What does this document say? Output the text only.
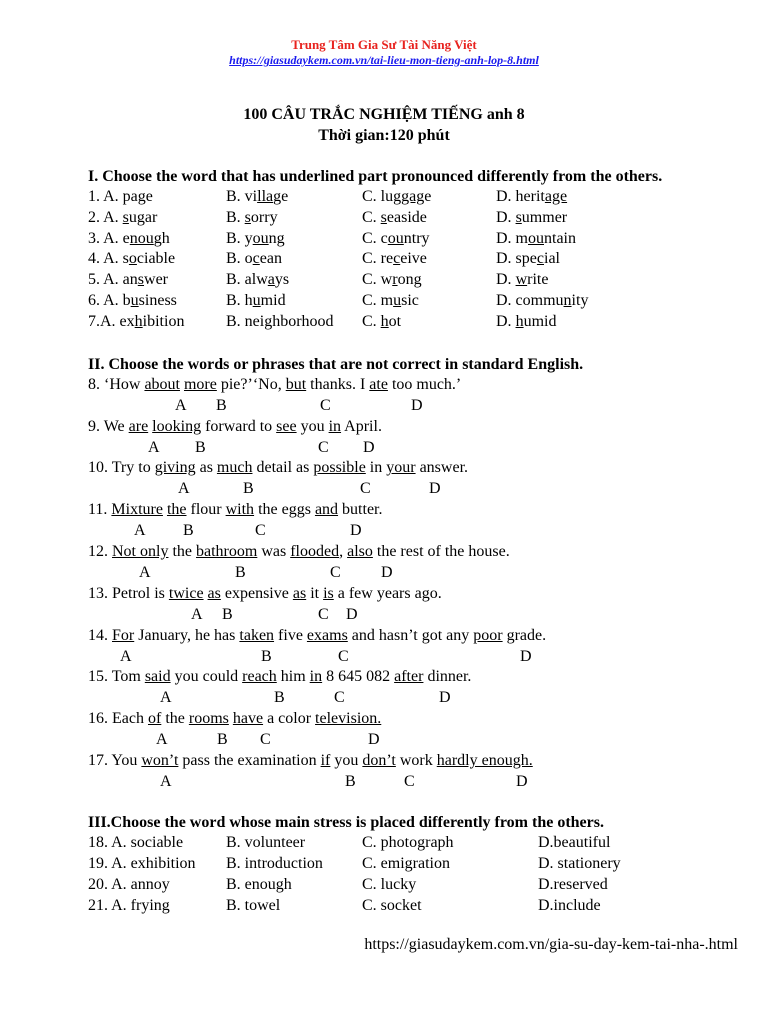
Trung Tâm Gia Sư Tài Năng Việt
https://giasudaykem.com.vn/tai-lieu-mon-tieng-anh-lop-8.html
100 CÂU TRẮC NGHIỆM TIẾNG anh 8
Thời gian:120 phút
I. Choose the word that has underlined part pronounced differently from the others.
1. A. page	B. village	C. luggage	D. heritage
2. A. sugar	B. sorry	C. seaside	D. summer
3. A. enough	B. young	C. country	D. mountain
4. A. sociable	B. ocean	C. receive	D. special
5. A. answer	B. always	C. wrong	D. write
6. A. business	B. humid	C. music	D. community
7.A. exhibition	B. neighborhood C. hot	D. humid
II. Choose the words or phrases that are not correct in standard English.
8. ‘How about more pie?’‘No, but thanks. I ate too much.’
A B	C	D
9. We are looking forward to see you in April.
A B	C D
10. Try to giving as much detail as possible in your answer.
A	B	C	D
11. Mixture the flour with the eggs and butter.
A B	C	D
12. Not only the bathroom was flooded, also the rest of the house.
A	B	C	D
13. Petrol is twice as expensive as it is a few years ago.
A B	C D
14. For January, he has taken five exams and hasn’t got any poor grade.
A	B	C	D
15. Tom said you could reach him in 8 645 082 after dinner.
A	B	C	D
16. Each of the rooms have a color television.
A	B C	D
17. You won’t pass the examination if you don’t work hardly enough.
A	B	C	D
III.Choose the word whose main stress is placed differently from the others.
18. A. sociable	B. volunteer	C. photograph	D.beautiful
19. A. exhibition B. introduction C. emigration	D. stationery
20. A. annoy	B. enough	C. lucky	D.reserved
21. A. frying	B. towel	C. socket	D.include
https://giasudaykem.com.vn/gia-su-day-kem-tai-nha-.html
